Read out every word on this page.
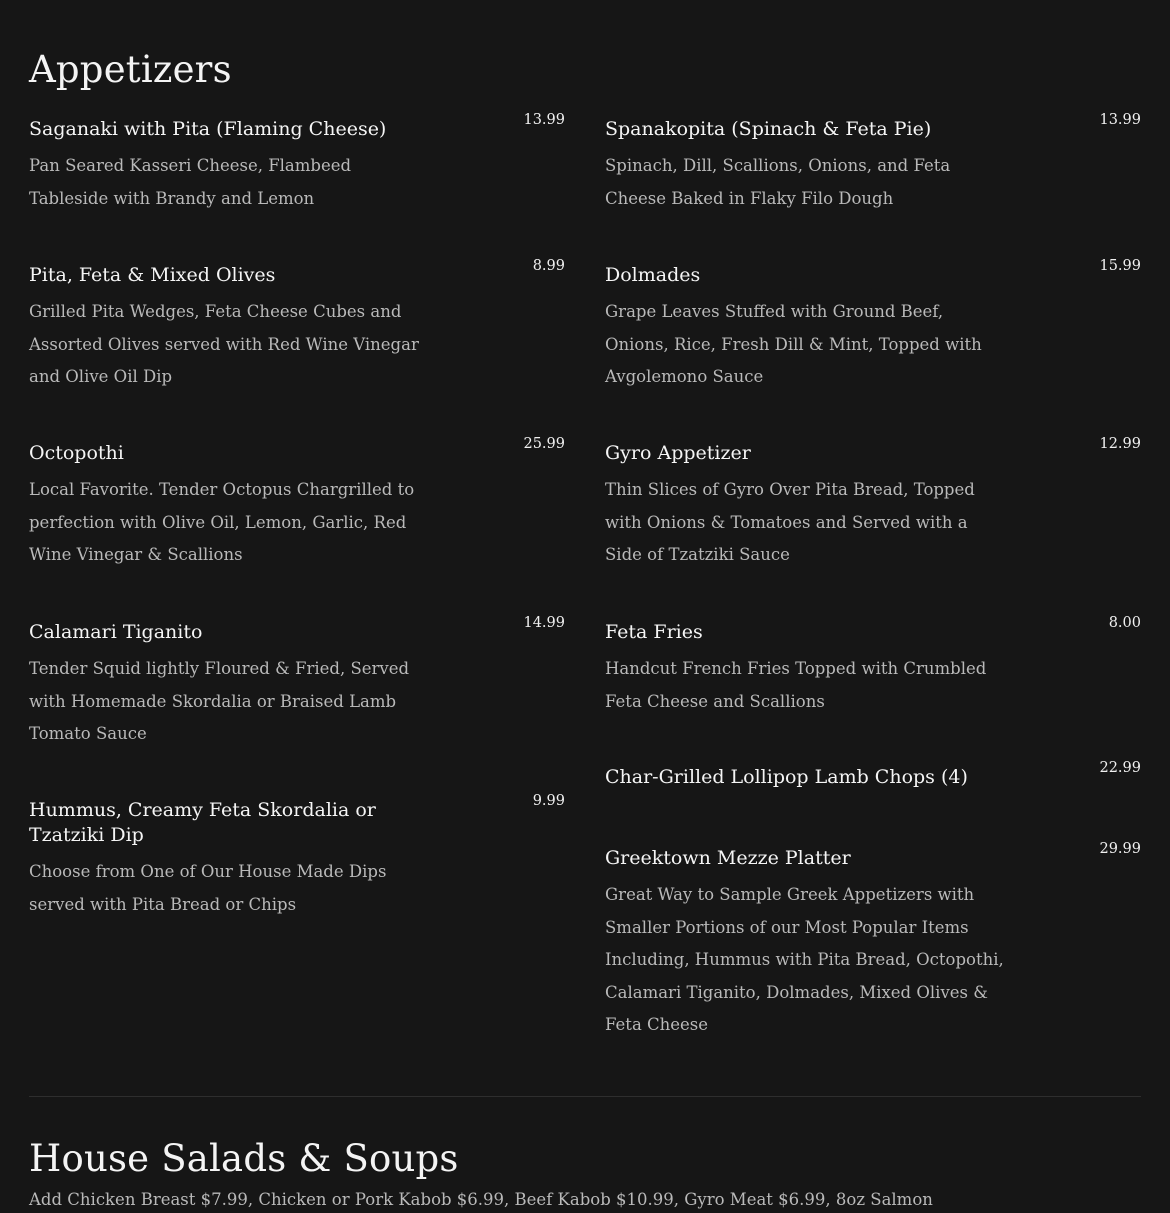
Appetizers
Saganaki with Pita (Flaming Cheese)	13.99
Pan Seared Kasseri Cheese, Flambeed Tableside with Brandy and Lemon
Pita, Feta & Mixed Olives	8.99
Grilled Pita Wedges, Feta Cheese Cubes and Assorted Olives served with Red Wine Vinegar and Olive Oil Dip
Octopothi	25.99
Local Favorite. Tender Octopus Chargrilled to perfection with Olive Oil, Lemon, Garlic, Red Wine Vinegar & Scallions
Calamari Tiganito	14.99
Tender Squid lightly Floured & Fried, Served with Homemade Skordalia or Braised Lamb Tomato Sauce
Hummus, Creamy Feta Skordalia or Tzatziki Dip
9.99
Choose from One of Our House Made Dips served with Pita Bread or Chips
Spanakopita (Spinach & Feta Pie)	13.99
Spinach, Dill, Scallions, Onions, and Feta Cheese Baked in Flaky Filo Dough
Dolmades	15.99
Grape Leaves Stuffed with Ground Beef, Onions, Rice, Fresh Dill & Mint, Topped with Avgolemono Sauce
Gyro Appetizer	12.99
Thin Slices of Gyro Over Pita Bread, Topped with Onions & Tomatoes and Served with a Side of Tzatziki Sauce
Feta Fries	8.00
Handcut French Fries Topped with Crumbled Feta Cheese and Scallions
Char-Grilled Lollipop Lamb Chops (4)	22.99
Greektown Mezze Platter	29.99
Great Way to Sample Greek Appetizers with Smaller Portions of our Most Popular Items Including, Hummus with Pita Bread, Octopothi, Calamari Tiganito, Dolmades, Mixed Olives & Feta Cheese
House Salads & Soups
Add Chicken Breast $7.99, Chicken or Pork Kabob $6.99, Beef Kabob $10.99, Gyro Meat $6.99, 8oz Salmon
